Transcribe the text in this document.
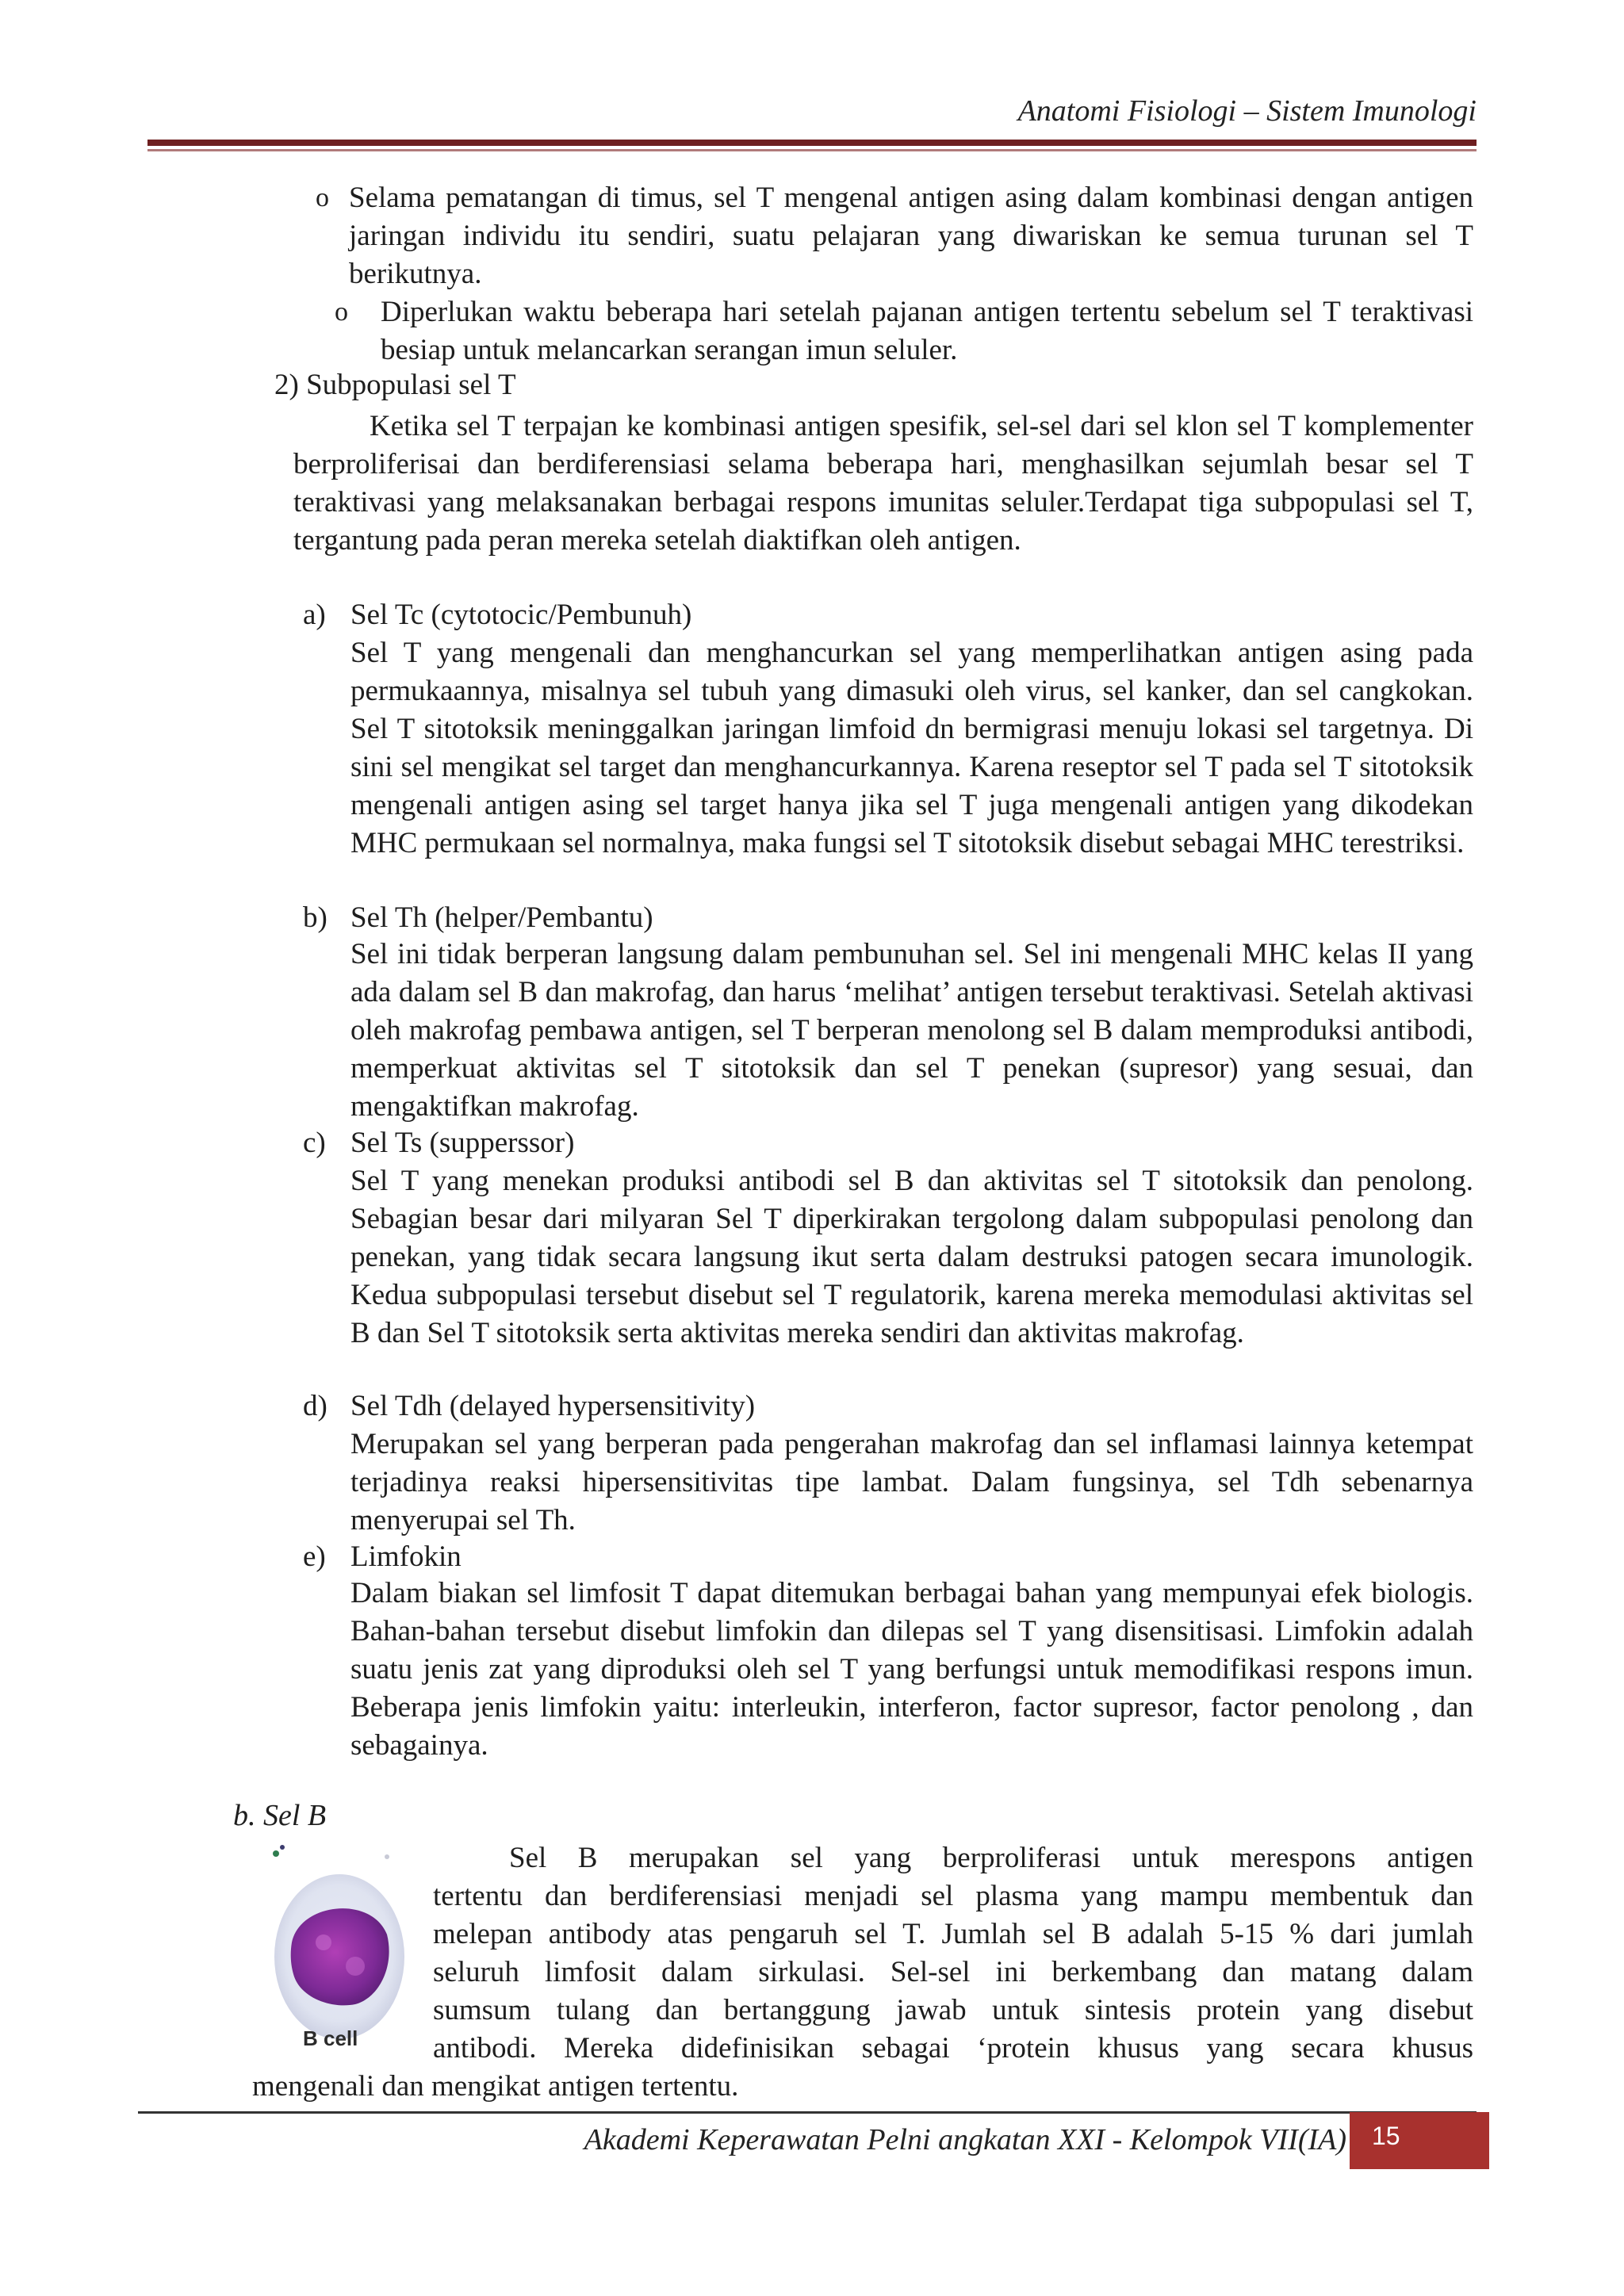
Anatomi Fisiologi – Sistem Imunologi
o Selama pematangan di timus, sel T mengenal antigen asing dalam kombinasi dengan antigen jaringan individu itu sendiri, suatu pelajaran yang diwariskan ke semua turunan sel T berikutnya.
o Diperlukan waktu beberapa hari setelah pajanan antigen tertentu sebelum sel T teraktivasi besiap untuk melancarkan serangan imun seluler.
2) Subpopulasi sel T
Ketika sel T terpajan ke kombinasi antigen spesifik, sel-sel dari sel klon sel T komplementer berproliferisai dan berdiferensiasi selama beberapa hari, menghasilkan sejumlah besar sel T teraktivasi yang melaksanakan berbagai respons imunitas seluler.Terdapat tiga subpopulasi sel T, tergantung pada peran mereka setelah diaktifkan oleh antigen.
a) Sel Tc (cytotocic/Pembunuh)
Sel T yang mengenali dan menghancurkan sel yang memperlihatkan antigen asing pada permukaannya, misalnya sel tubuh yang dimasuki oleh virus, sel kanker, dan sel cangkokan. Sel T sitotoksik meninggalkan jaringan limfoid dn bermigrasi menuju lokasi sel targetnya. Di sini sel mengikat sel target dan menghancurkannya. Karena reseptor sel T pada sel T sitotoksik mengenali antigen asing sel target hanya jika sel T juga mengenali antigen yang dikodekan MHC permukaan sel normalnya, maka fungsi sel T sitotoksik disebut sebagai MHC terestriksi.
b) Sel Th (helper/Pembantu)
Sel ini tidak berperan langsung dalam pembunuhan sel. Sel ini mengenali MHC kelas II yang ada dalam sel B dan makrofag, dan harus ‘melihat’ antigen tersebut teraktivasi. Setelah aktivasi oleh makrofag pembawa antigen, sel T berperan menolong sel B dalam memproduksi antibodi, memperkuat aktivitas sel T sitotoksik dan sel T penekan (supresor) yang sesuai, dan mengaktifkan makrofag.
c) Sel Ts (supperssor)
Sel T yang menekan produksi antibodi sel B dan aktivitas sel T sitotoksik dan penolong. Sebagian besar dari milyaran Sel T diperkirakan tergolong dalam subpopulasi penolong dan penekan, yang tidak secara langsung ikut serta dalam destruksi patogen secara imunologik. Kedua subpopulasi tersebut disebut sel T regulatorik, karena mereka memodulasi aktivitas sel B dan Sel T sitotoksik serta aktivitas mereka sendiri dan aktivitas makrofag.
d) Sel Tdh (delayed hypersensitivity)
Merupakan sel yang berperan pada pengerahan makrofag dan sel inflamasi lainnya ketempat terjadinya reaksi hipersensitivitas tipe lambat. Dalam fungsinya, sel Tdh sebenarnya menyerupai sel Th.
e) Limfokin
Dalam biakan sel limfosit T dapat ditemukan berbagai bahan yang mempunyai efek biologis. Bahan-bahan tersebut disebut limfokin dan dilepas sel T yang disensitisasi. Limfokin adalah suatu jenis zat yang diproduksi oleh sel T yang berfungsi untuk memodifikasi respons imun. Beberapa jenis limfokin yaitu: interleukin, interferon, factor supresor, factor penolong , dan sebagainya.
b. Sel B
B cell
Sel B merupakan sel yang berproliferasi untuk merespons antigen
tertentu dan berdiferensiasi menjadi sel plasma yang mampu membentuk dan
melepan antibody atas pengaruh sel T. Jumlah sel B adalah 5-15 % dari jumlah
seluruh limfosit dalam sirkulasi. Sel-sel ini berkembang dan matang dalam
sumsum tulang dan bertanggung jawab untuk sintesis protein yang disebut
antibodi. Mereka didefinisikan sebagai ‘protein khusus yang secara khusus
mengenali dan mengikat antigen tertentu.
Akademi Keperawatan Pelni angkatan XXI - Kelompok VII(IA) 15
